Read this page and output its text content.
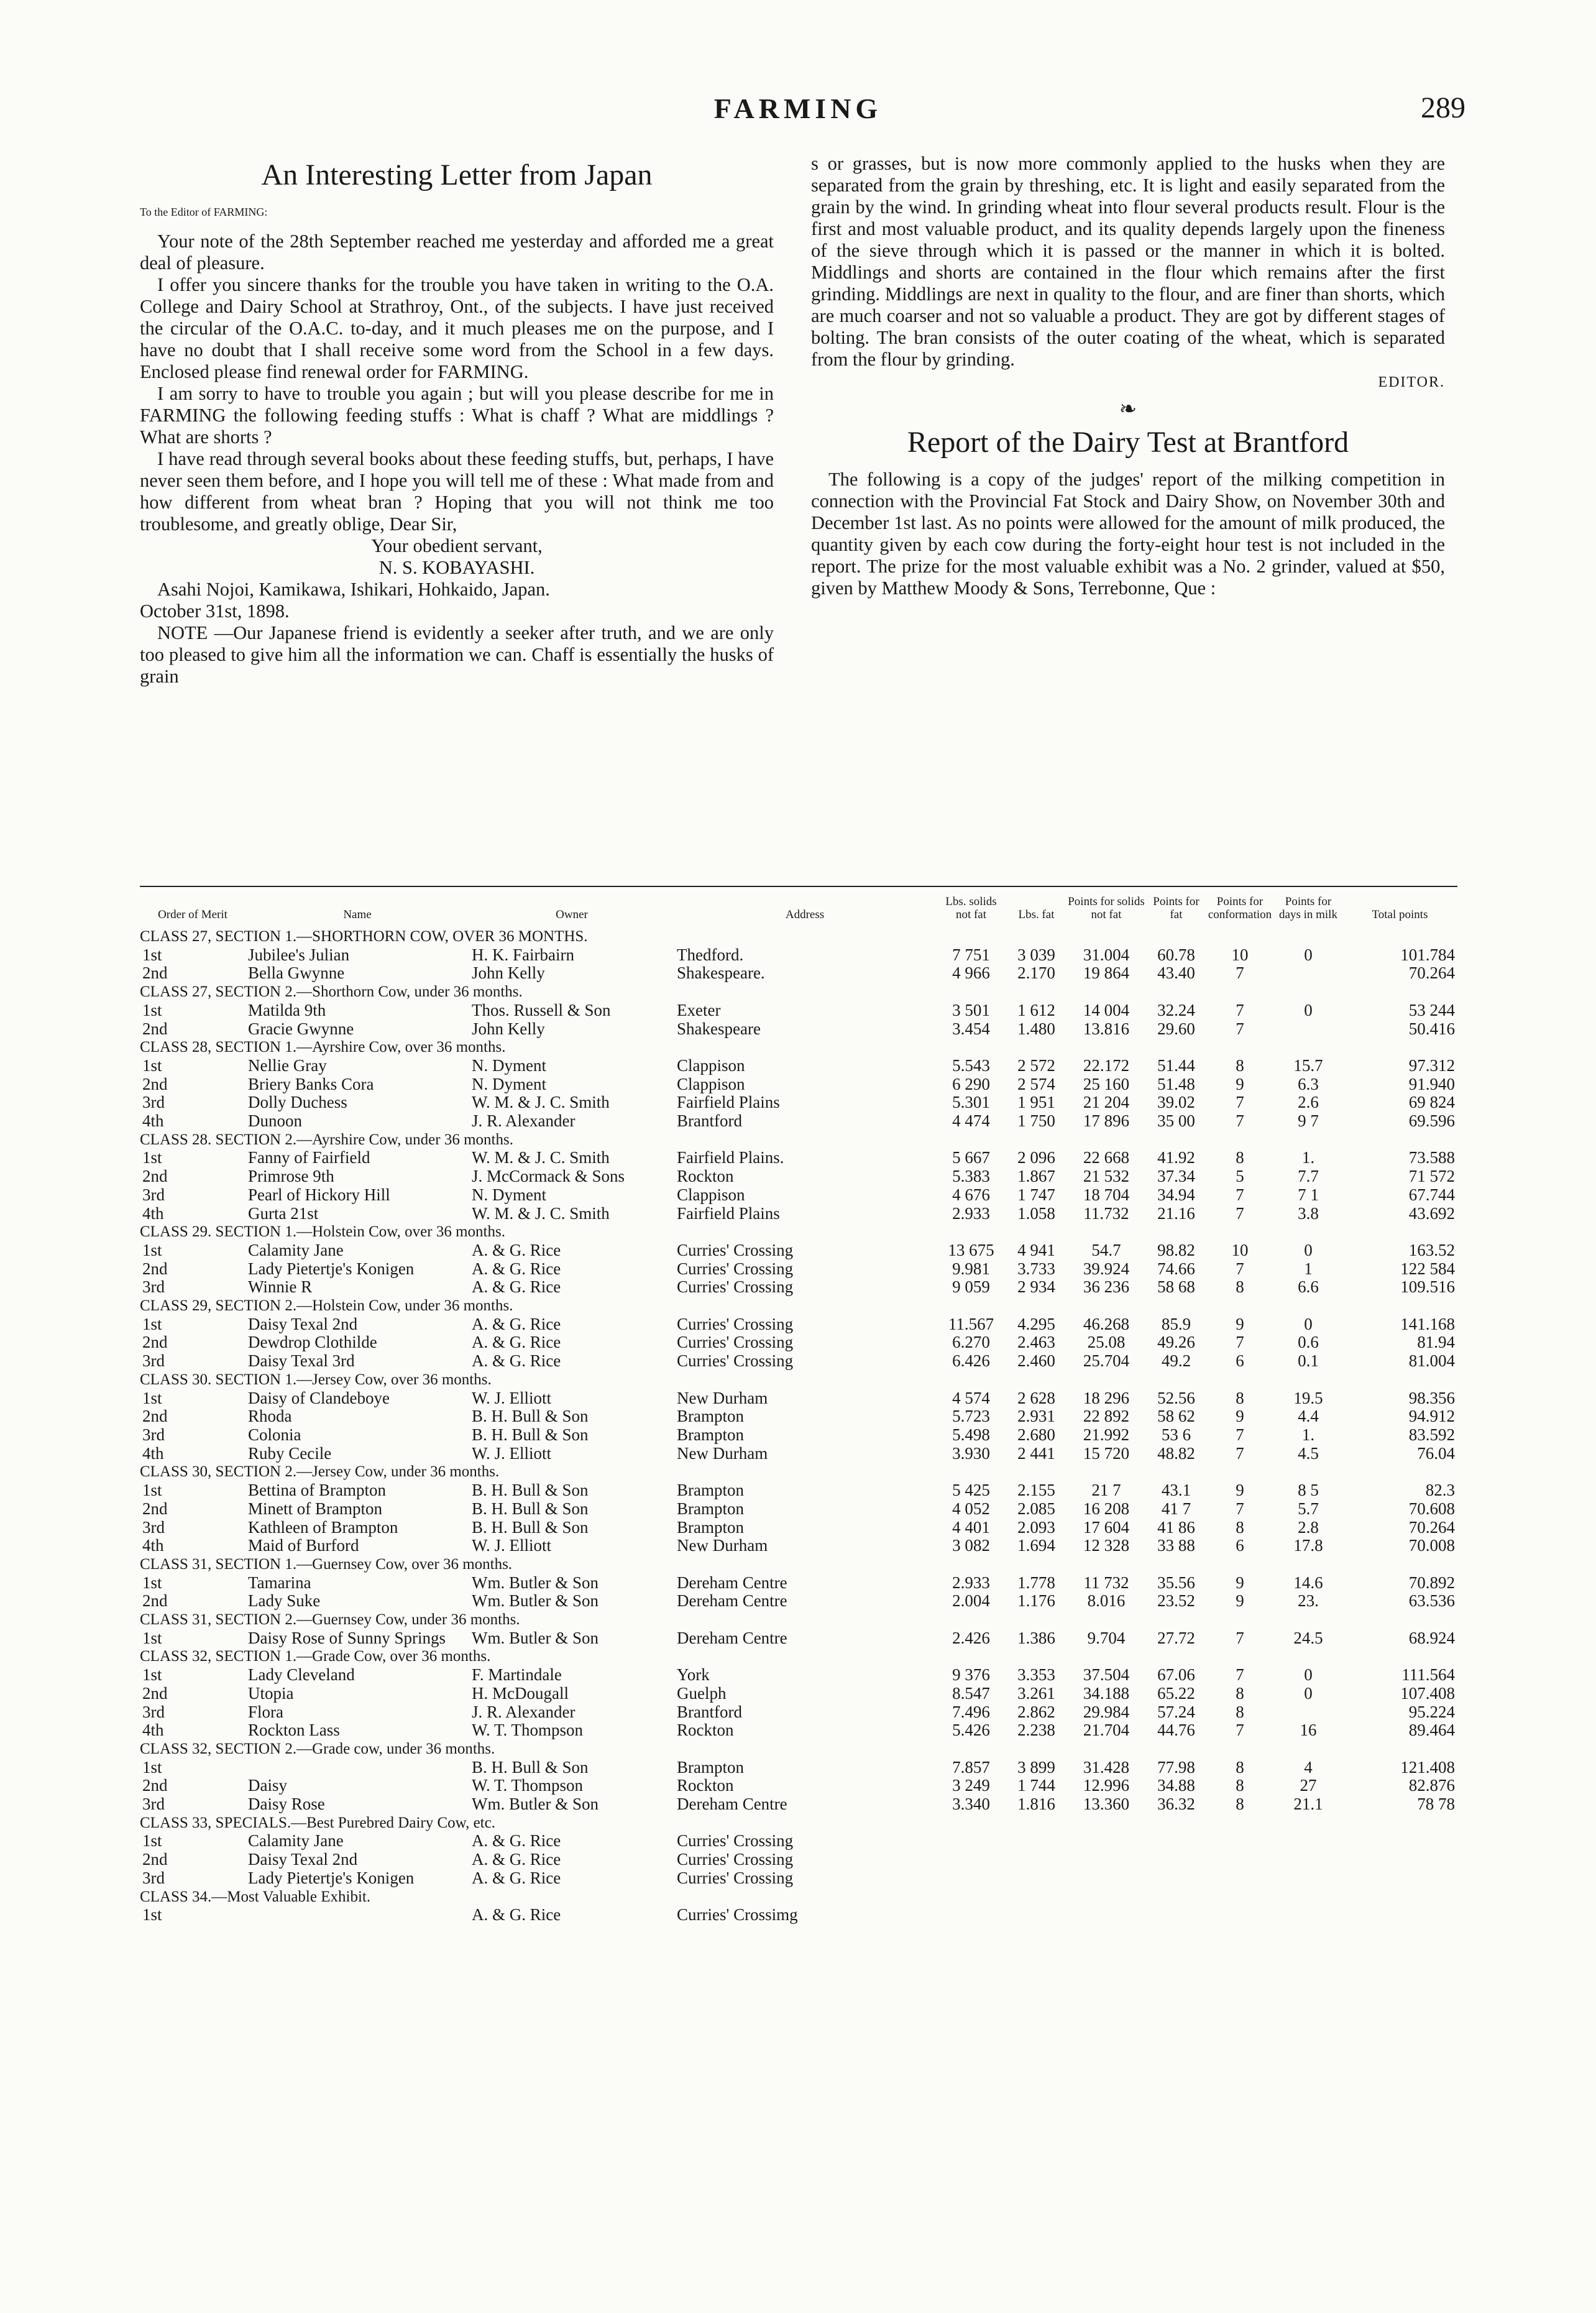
FARMING	289
An Interesting Letter from Japan
To the Editor of FARMING:

Your note of the 28th September reached me yesterday and afforded me a great deal of pleasure.

I offer you sincere thanks for the trouble you have taken in writing to the O.A. College and Dairy School at Strathroy, Ont., of the subjects. I have just received the circular of the O.A.C. to-day, and it much pleases me on the purpose, and I have no doubt that I shall receive some word from the School in a few days. Enclosed please find renewal order for FARMING.

I am sorry to have to trouble you again ; but will you please describe for me in FARMING the following feeding stuffs : What is chaff ? What are middlings ? What are shorts ?

I have read through several books about these feeding stuffs, but, perhaps, I have never seen them before, and I hope you will tell me of these : What made from and how different from wheat bran ? Hoping that you will not think me too troublesome, and greatly oblige, Dear Sir,

Your obedient servant,

N. S. KOBAYASHI.

Asahi Nojoi, Kamikawa, Ishikari, Hohkaido, Japan.

October 31st, 1898.

NOTE —Our Japanese friend is evidently a seeker after truth, and we are only too pleased to give him all the information we can. Chaff is essentially the husks of grain

s or grasses, but is now more commonly applied to the husks when they are separated from the grain by threshing, etc. It is light and easily separated from the grain by the wind. In grinding wheat into flour several products result. Flour is the first and most valuable product, and its quality depends largely upon the fineness of the sieve through which it is passed or the manner in which it is bolted. Middlings and shorts are contained in the flour which remains after the first grinding. Middlings are next in quality to the flour, and are finer than shorts, which are much coarser and not so valuable a product. They are got by different stages of bolting. The bran consists of the outer coating of the wheat, which is separated from the flour by grinding.

EDITOR.
❧
Report of the Dairy Test at Brantford

The following is a copy of the judges' report of the milking competition in connection with the Provincial Fat Stock and Dairy Show, on November 30th and December 1st last. As no points were allowed for the amount of milk produced, the quantity given by each cow during the forty-eight hour test is not included in the report. The prize for the most valuable exhibit was a No. 2 grinder, valued at $50, given by Matthew Moody & Sons, Terrebonne, Que :

Order of Merit	Name	Owner	Address	Lbs. solids not fat	Lbs. fat	Points for solids not fat	Points for fat	Points for conformation	Points for days in milk	Total points
CLASS 27, SECTION 1.—SHORTHORN COW, OVER 36 MONTHS.										
1st	Jubilee's Julian	H. K. Fairbairn	Thedford.	7 751	3 039	31.004	60.78	10	0	101.784
2nd	Bella Gwynne	John Kelly	Shakespeare.	4 966	2.170	19 864	43.40	7		70.264
CLASS 27, SECTION 2.—Shorthorn Cow, under 36 months.										
1st	Matilda 9th	Thos. Russell & Son	Exeter	3 501	1 612	14 004	32.24	7	0	53 244
2nd	Gracie Gwynne	John Kelly	Shakespeare	3.454	1.480	13.816	29.60	7		50.416
CLASS 28, SECTION 1.—Ayrshire Cow, over 36 months.										
1st	Nellie Gray	N. Dyment	Clappison	5.543	2 572	22.172	51.44	8	15.7	97.312
2nd	Briery Banks Cora	N. Dyment	Clappison	6 290	2 574	25 160	51.48	9	6.3	91.940
3rd	Dolly Duchess	W. M. & J. C. Smith	Fairfield Plains	5.301	1 951	21 204	39.02	7	2.6	69 824
4th	Dunoon	J. R. Alexander	Brantford	4 474	1 750	17 896	35 00	7	9 7	69.596
CLASS 28. SECTION 2.—Ayrshire Cow, under 36 months.										
1st	Fanny of Fairfield	W. M. & J. C. Smith	Fairfield Plains.	5 667	2 096	22 668	41.92	8	1.	73.588
2nd	Primrose 9th	J. McCormack & Sons	Rockton	5.383	1.867	21 532	37.34	5	7.7	71 572
3rd	Pearl of Hickory Hill	N. Dyment	Clappison	4 676	1 747	18 704	34.94	7	7 1	67.744
4th	Gurta 21st	W. M. & J. C. Smith	Fairfield Plains	2.933	1.058	11.732	21.16	7	3.8	43.692
CLASS 29. SECTION 1.—Holstein Cow, over 36 months.										
1st	Calamity Jane	A. & G. Rice	Curries' Crossing	13 675	4 941	54.7	98.82	10	0	163.52
2nd	Lady Pietertje's Konigen	A. & G. Rice	Curries' Crossing	9.981	3.733	39.924	74.66	7	1	122 584
3rd	Winnie R	A. & G. Rice	Curries' Crossing	9 059	2 934	36 236	58 68	8	6.6	109.516
CLASS 29, SECTION 2.—Holstein Cow, under 36 months.										
1st	Daisy Texal 2nd	A. & G. Rice	Curries' Crossing	11.567	4.295	46.268	85.9	9	0	141.168
2nd	Dewdrop Clothilde	A. & G. Rice	Curries' Crossing	6.270	2.463	25.08	49.26	7	0.6	81.94
3rd	Daisy Texal 3rd	A. & G. Rice	Curries' Crossing	6.426	2.460	25.704	49.2	6	0.1	81.004
CLASS 30. SECTION 1.—Jersey Cow, over 36 months.										
1st	Daisy of Clandeboye	W. J. Elliott	New Durham	4 574	2 628	18 296	52.56	8	19.5	98.356
2nd	Rhoda	B. H. Bull & Son	Brampton	5.723	2.931	22 892	58 62	9	4.4	94.912
3rd	Colonia	B. H. Bull & Son	Brampton	5.498	2.680	21.992	53 6	7	1.	83.592
4th	Ruby Cecile	W. J. Elliott	New Durham	3.930	2 441	15 720	48.82	7	4.5	76.04
CLASS 30, SECTION 2.—Jersey Cow, under 36 months.										
1st	Bettina of Brampton	B. H. Bull & Son	Brampton	5 425	2.155	21 7	43.1	9	8 5	82.3
2nd	Minett of Brampton	B. H. Bull & Son	Brampton	4 052	2.085	16 208	41 7	7	5.7	70.608
3rd	Kathleen of Brampton	B. H. Bull & Son	Brampton	4 401	2.093	17 604	41 86	8	2.8	70.264
4th	Maid of Burford	W. J. Elliott	New Durham	3 082	1.694	12 328	33 88	6	17.8	70.008
CLASS 31, SECTION 1.—Guernsey Cow, over 36 months.										
1st	Tamarina	Wm. Butler & Son	Dereham Centre	2.933	1.778	11 732	35.56	9	14.6	70.892
2nd	Lady Suke	Wm. Butler & Son	Dereham Centre	2.004	1.176	8.016	23.52	9	23.	63.536
CLASS 31, SECTION 2.—Guernsey Cow, under 36 months.										
1st	Daisy Rose of Sunny Springs	Wm. Butler & Son	Dereham Centre	2.426	1.386	9.704	27.72	7	24.5	68.924
CLASS 32, SECTION 1.—Grade Cow, over 36 months.										
1st	Lady Cleveland	F. Martindale	York	9 376	3.353	37.504	67.06	7	0	111.564
2nd	Utopia	H. McDougall	Guelph	8.547	3.261	34.188	65.22	8	0	107.408
3rd	Flora	J. R. Alexander	Brantford	7.496	2.862	29.984	57.24	8		95.224
4th	Rockton Lass	W. T. Thompson	Rockton	5.426	2.238	21.704	44.76	7	16	89.464
CLASS 32, SECTION 2.—Grade cow, under 36 months.										
1st		B. H. Bull & Son	Brampton	7.857	3 899	31.428	77.98	8	4	121.408
2nd	Daisy	W. T. Thompson	Rockton	3 249	1 744	12.996	34.88	8	27	82.876
3rd	Daisy Rose	Wm. Butler & Son	Dereham Centre	3.340	1.816	13.360	36.32	8	21.1	78 78
CLASS 33, SPECIALS.—Best Purebred Dairy Cow, etc.										
1st	Calamity Jane	A. & G. Rice	Curries' Crossing							
2nd	Daisy Texal 2nd	A. & G. Rice	Curries' Crossing							
3rd	Lady Pietertje's Konigen	A. & G. Rice	Curries' Crossing							
CLASS 34.—Most Valuable Exhibit.										
1st		A. & G. Rice	Curries' Crossimg							
